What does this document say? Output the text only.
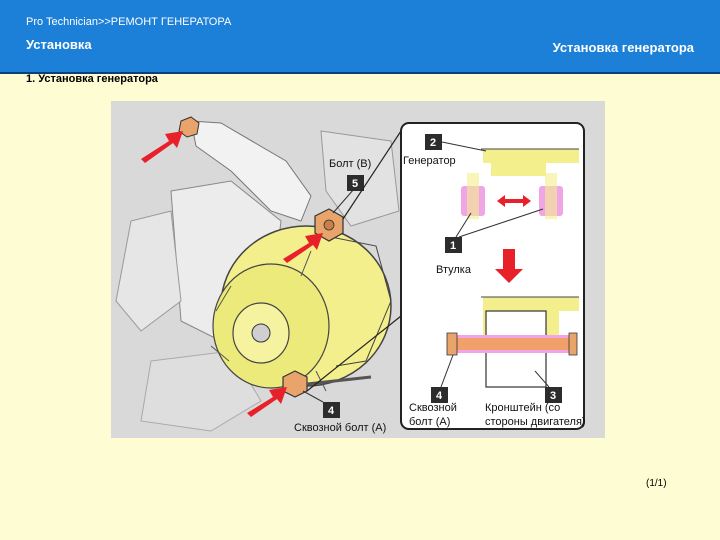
Pro Technician>>РЕМОНТ ГЕНЕРАТОРА
Установка	Установка генератора
1. Установка генератора
5
Болт (B)
4
Сквозной болт (A)
2
Генератор
1
Втулка
4	3
Сквозной
болт (A)
Кронштейн (со
стороны двигателя)
(1/1)
